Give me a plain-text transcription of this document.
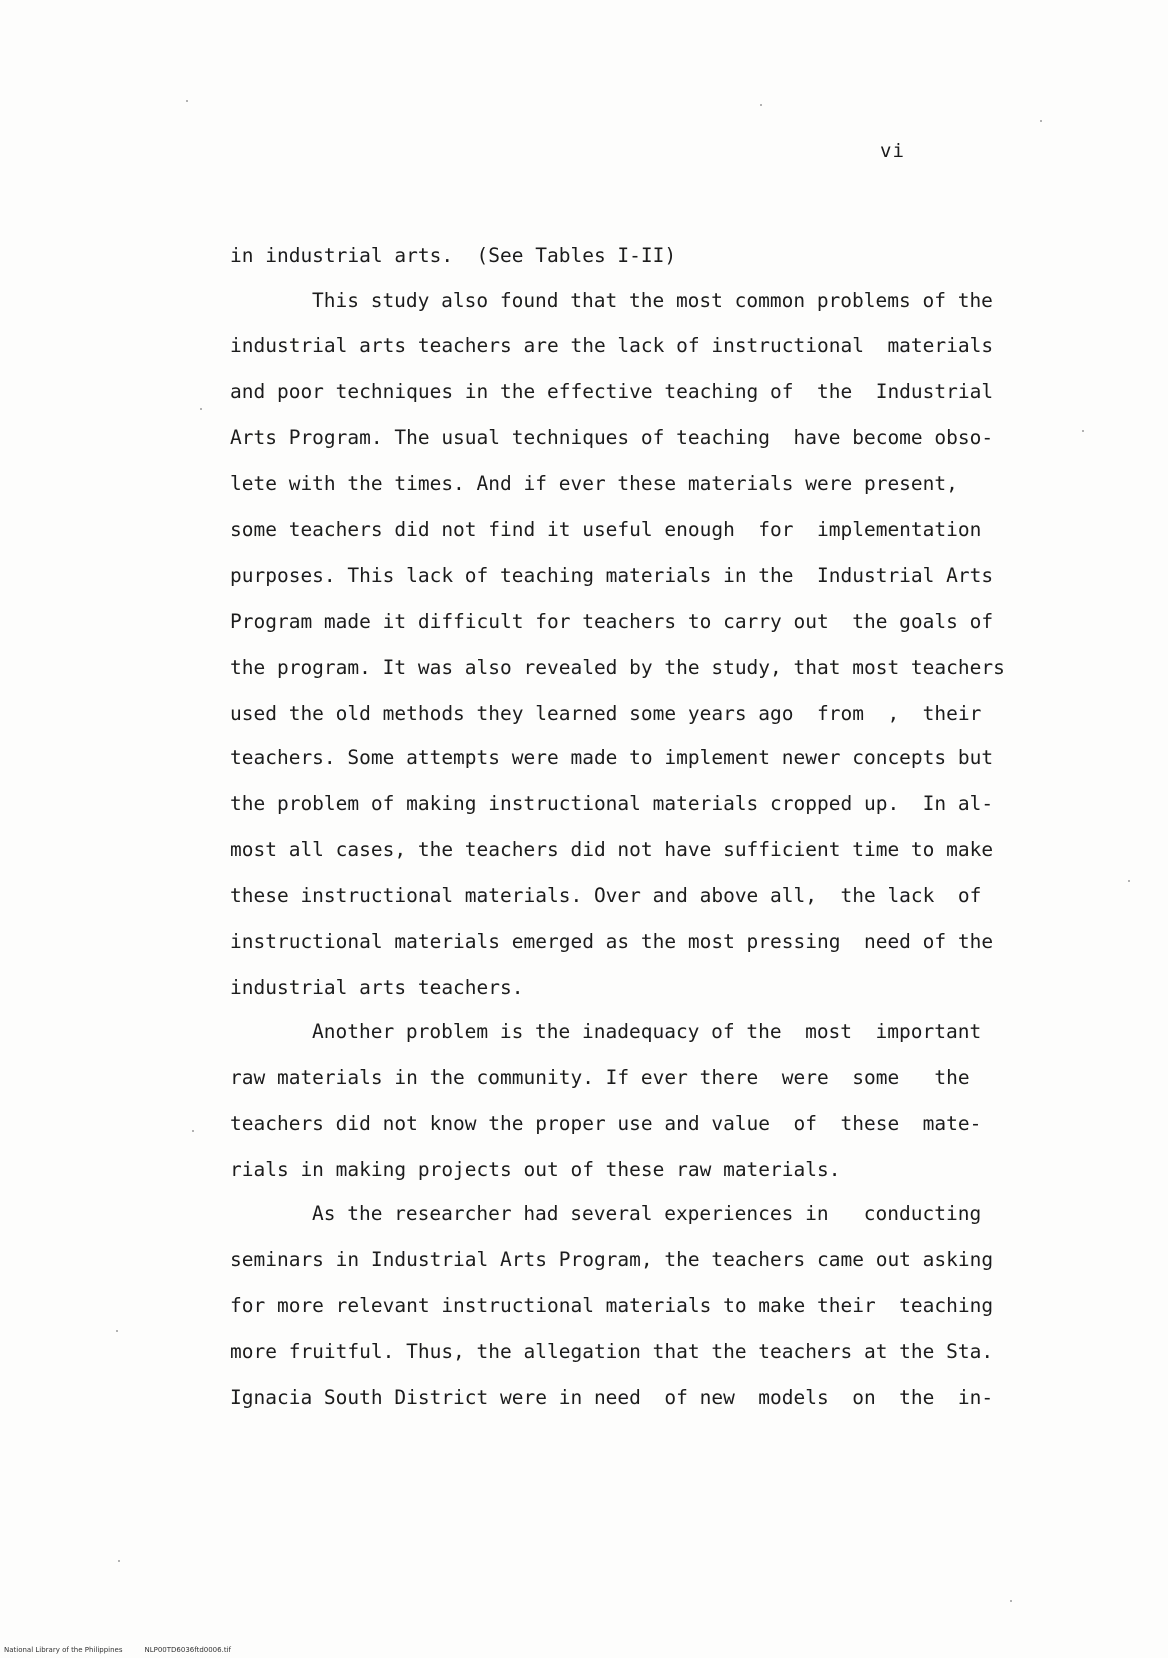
vi
in industrial arts.  (See Tables I-II)
This study also found that the most common problems of the
industrial arts teachers are the lack of instructional  materials
and poor techniques in the effective teaching of  the  Industrial
Arts Program. The usual techniques of teaching  have become obso-
lete with the times. And if ever these materials were present,
some teachers did not find it useful enough  for  implementation
purposes. This lack of teaching materials in the  Industrial Arts
Program made it difficult for teachers to carry out  the goals of
the program. It was also revealed by the study, that most teachers
used the old methods they learned some years ago  from  ,  their
teachers. Some attempts were made to implement newer concepts but
the problem of making instructional materials cropped up.  In al-
most all cases, the teachers did not have sufficient time to make
these instructional materials. Over and above all,  the lack  of
instructional materials emerged as the most pressing  need of the
industrial arts teachers.
Another problem is the inadequacy of the  most  important
raw materials in the community. If ever there  were  some   the
teachers did not know the proper use and value  of  these  mate-
rials in making projects out of these raw materials.
As the researcher had several experiences in   conducting
seminars in Industrial Arts Program, the teachers came out asking
for more relevant instructional materials to make their  teaching
more fruitful. Thus, the allegation that the teachers at the Sta.
Ignacia South District were in need  of new  models  on  the  in-
National Library of the Philippines	NLP00TD6036ftd0006.tif
